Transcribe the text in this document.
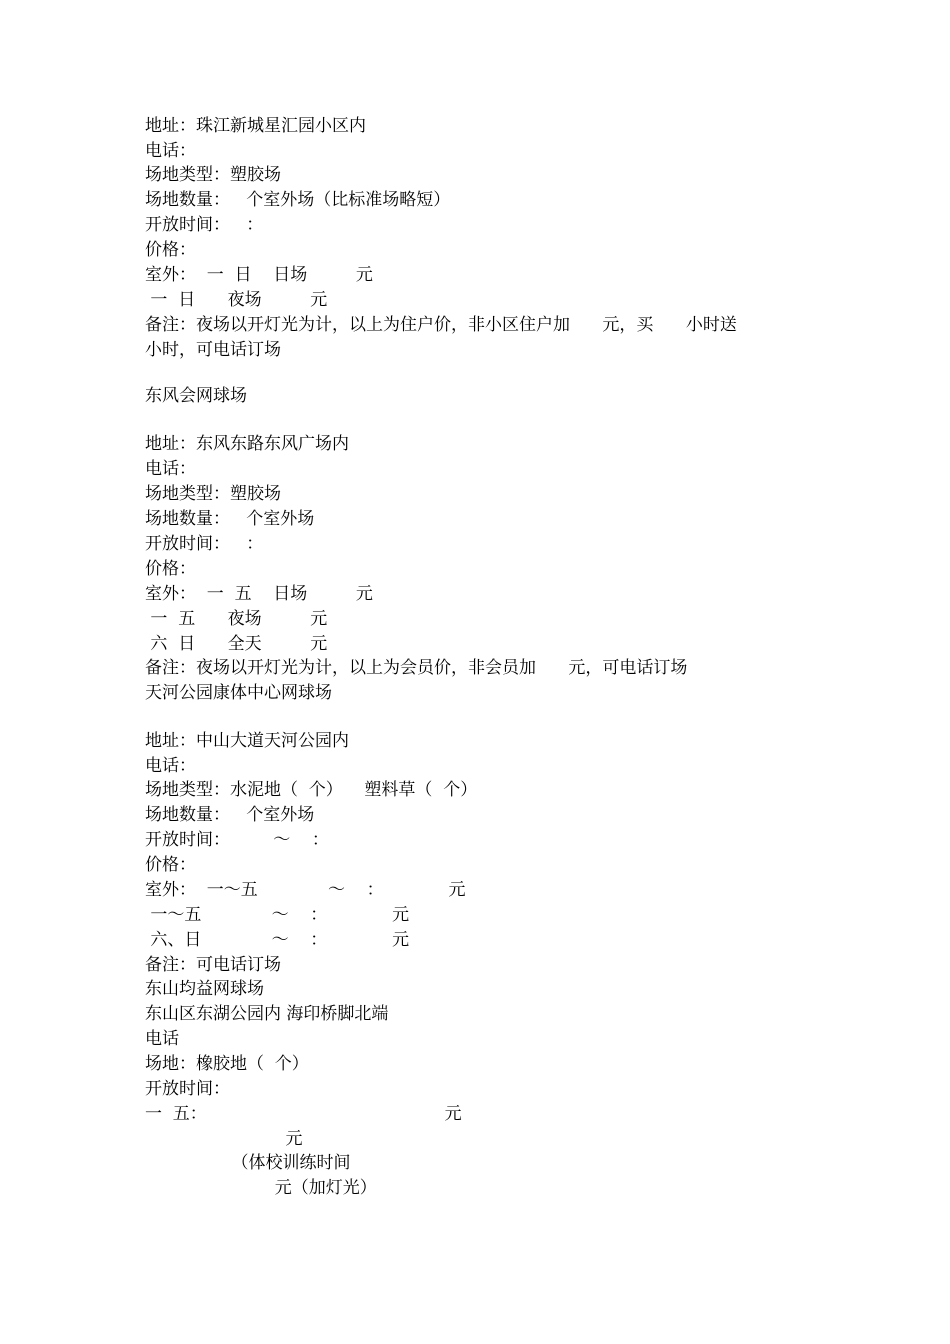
地址：珠江新城星汇园小区内

电话：

场地类型：塑胶场

场地数量：   个室外场（比标准场略短）

开放时间：   ：

价格：

室外：  一  日    日场         元

一  日      夜场         元

备注：夜场以开灯光为计，以上为住户价，非小区住户加      元，买      小时送

小时，可电话订场

东风会网球场

地址：东风东路东风广场内

电话：

场地类型：塑胶场

场地数量：   个室外场

开放时间：   ：

价格：

室外：  一  五    日场         元

一  五      夜场         元

六  日      全天         元

备注：夜场以开灯光为计，以上为会员价，非会员加      元，可电话订场

天河公园康体中心网球场

地址：中山大道天河公园内

电话：

场地类型：水泥地（  个）    塑料草（  个）

场地数量：   个室外场

开放时间：        ～    ：

价格：

室外：  一～五             ～    ：            元

一～五             ～    ：            元

六、日             ～    ：            元

备注：可电话订场

东山均益网球场

东山区东湖公园内 海印桥脚北端

电话

场地：橡胶地（  个）

开放时间：

一  五：                                            元

元

（体校训练时间

元（加灯光）
